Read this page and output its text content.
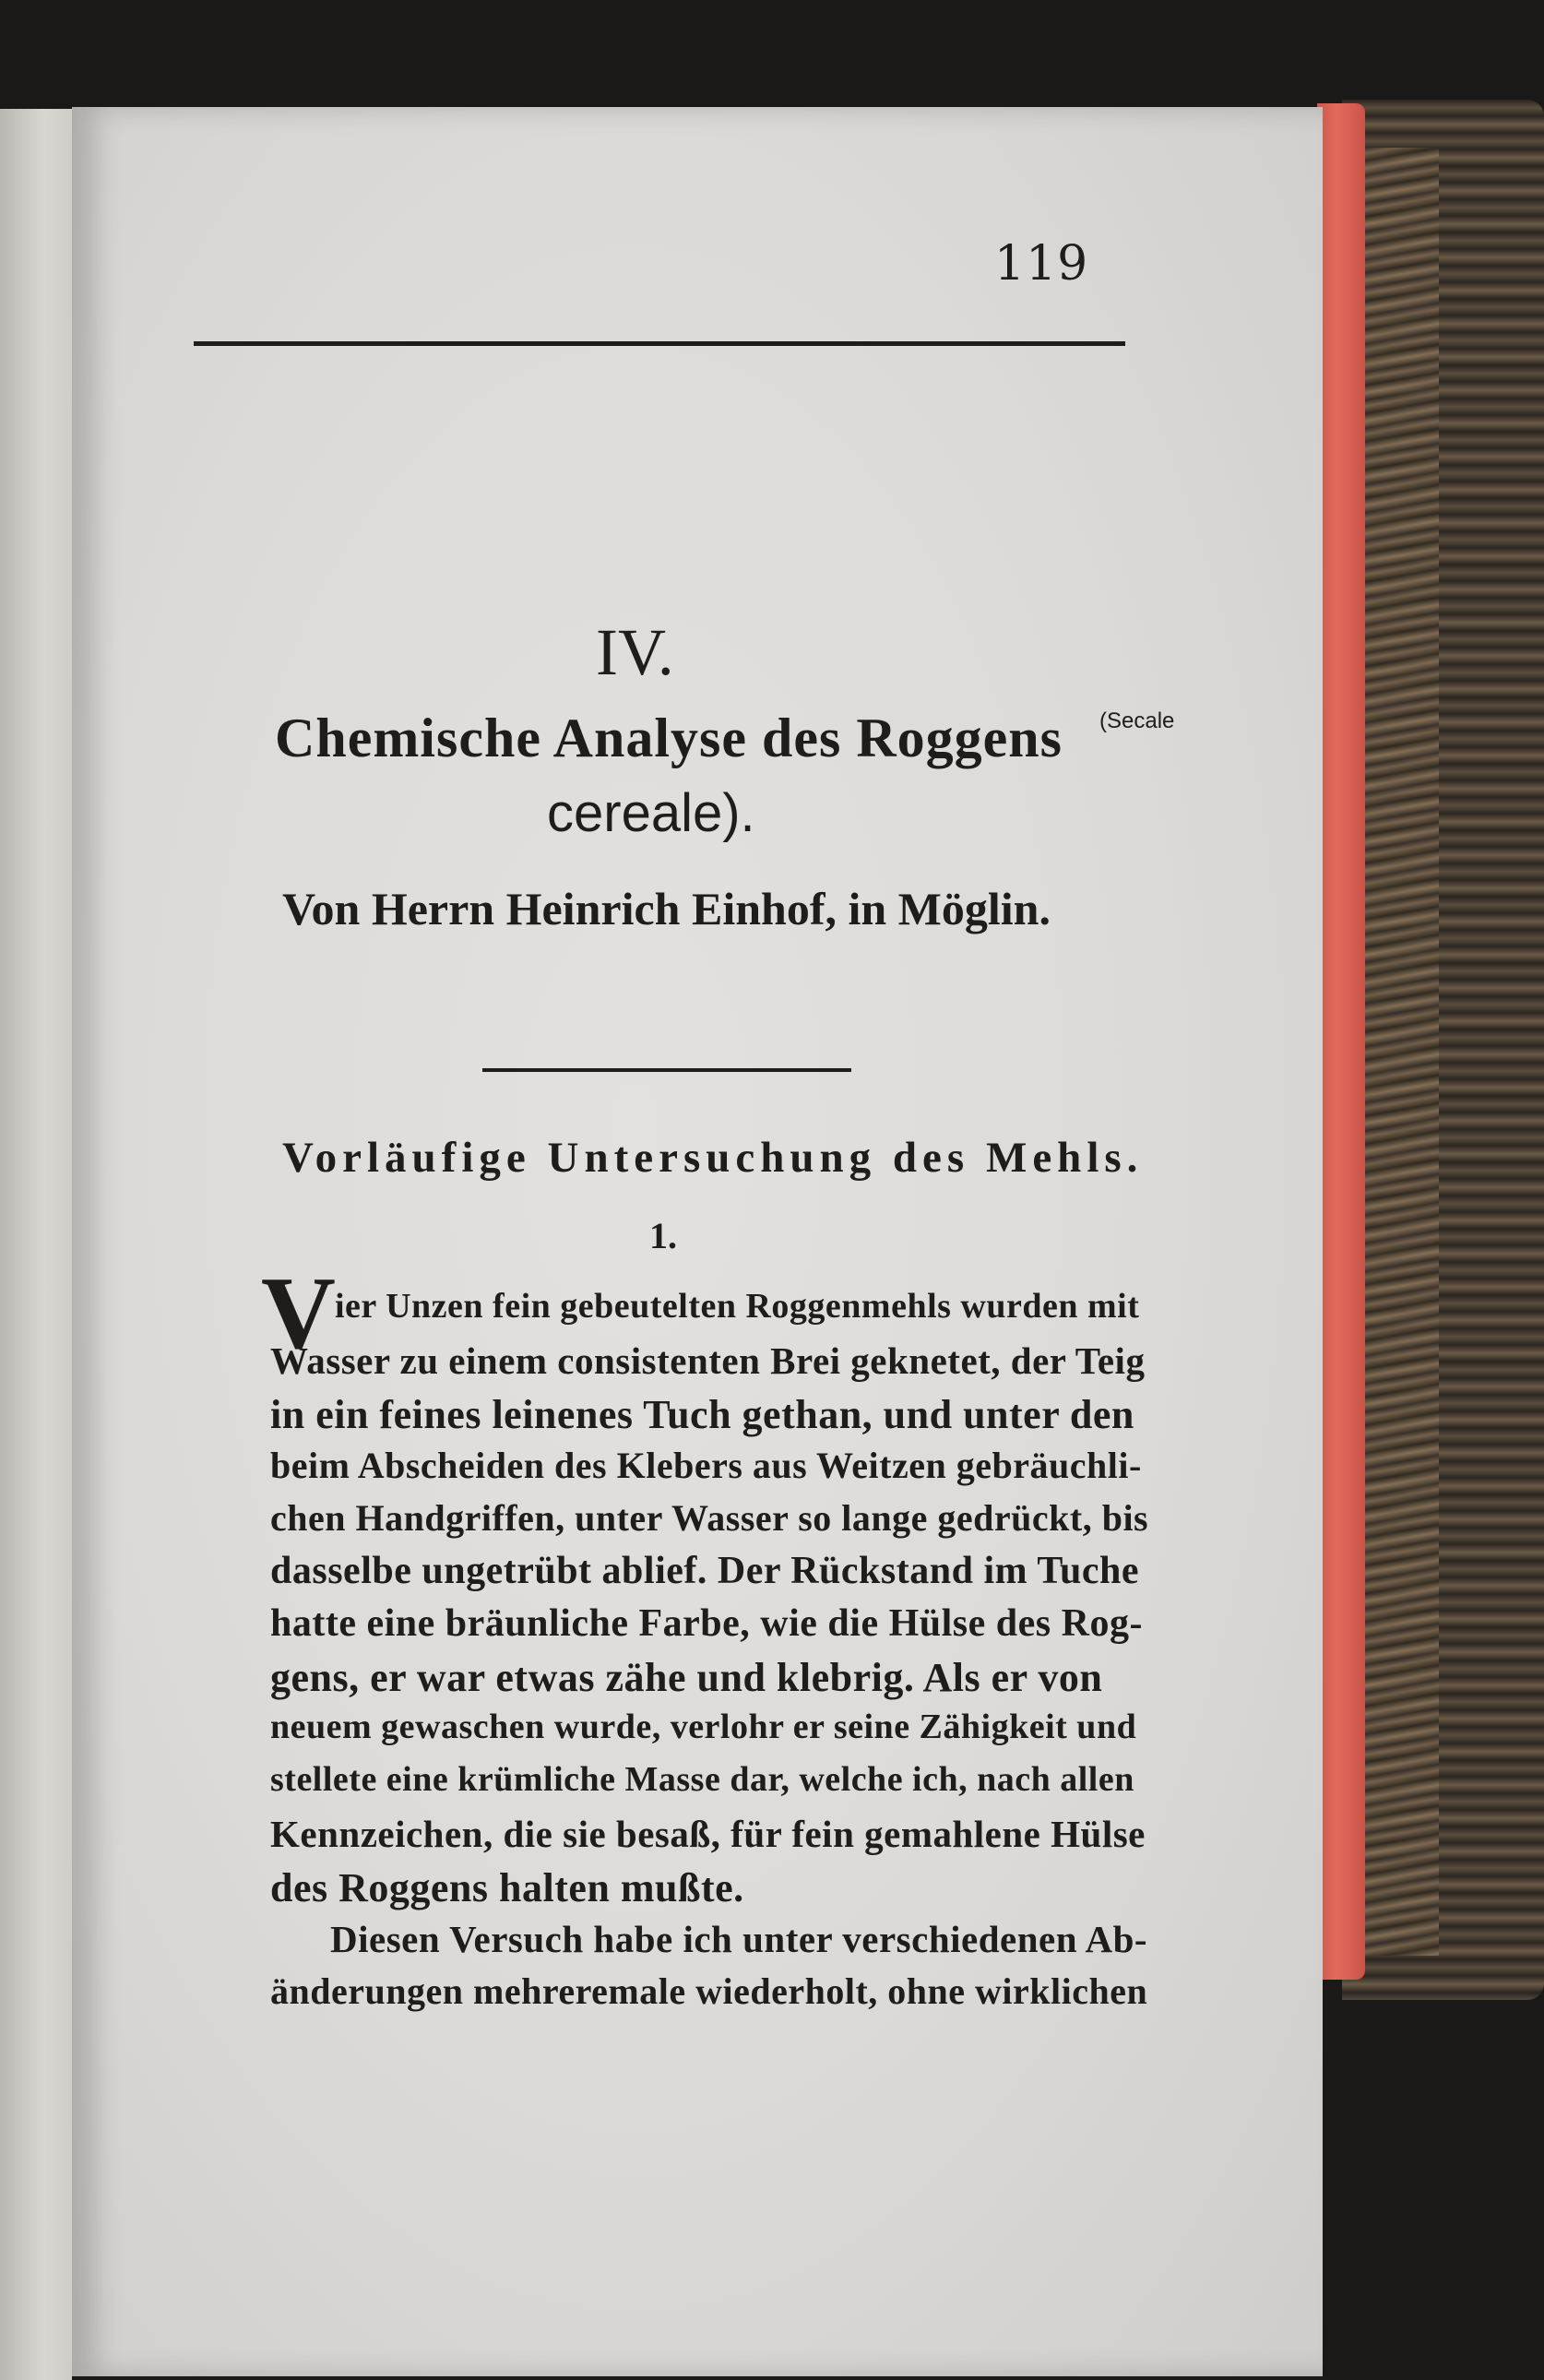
119
IV.
Chemische Analyse des Roggens (Secale
cereale).
Von Herrn Heinrich Einhof, in Möglin.
Vorläufige Untersuchung des Mehls.
1.
V ier Unzen fein gebeutelten Roggenmehls wurden mit
Wasser zu einem consistenten Brei geknetet, der Teig
in ein feines leinenes Tuch gethan, und unter den
beim Abscheiden des Klebers aus Weitzen gebräuchli-
chen Handgriffen, unter Wasser so lange gedrückt, bis
dasselbe ungetrübt ablief. Der Rückstand im Tuche
hatte eine bräunliche Farbe, wie die Hülse des Rog-
gens, er war etwas zähe und klebrig. Als er von
neuem gewaschen wurde, verlohr er seine Zähigkeit und
stellete eine krümliche Masse dar, welche ich, nach allen
Kennzeichen, die sie besaß, für fein gemahlene Hülse
des Roggens halten mußte.
Diesen Versuch habe ich unter verschiedenen Ab-
änderungen mehreremale wiederholt, ohne wirklichen
